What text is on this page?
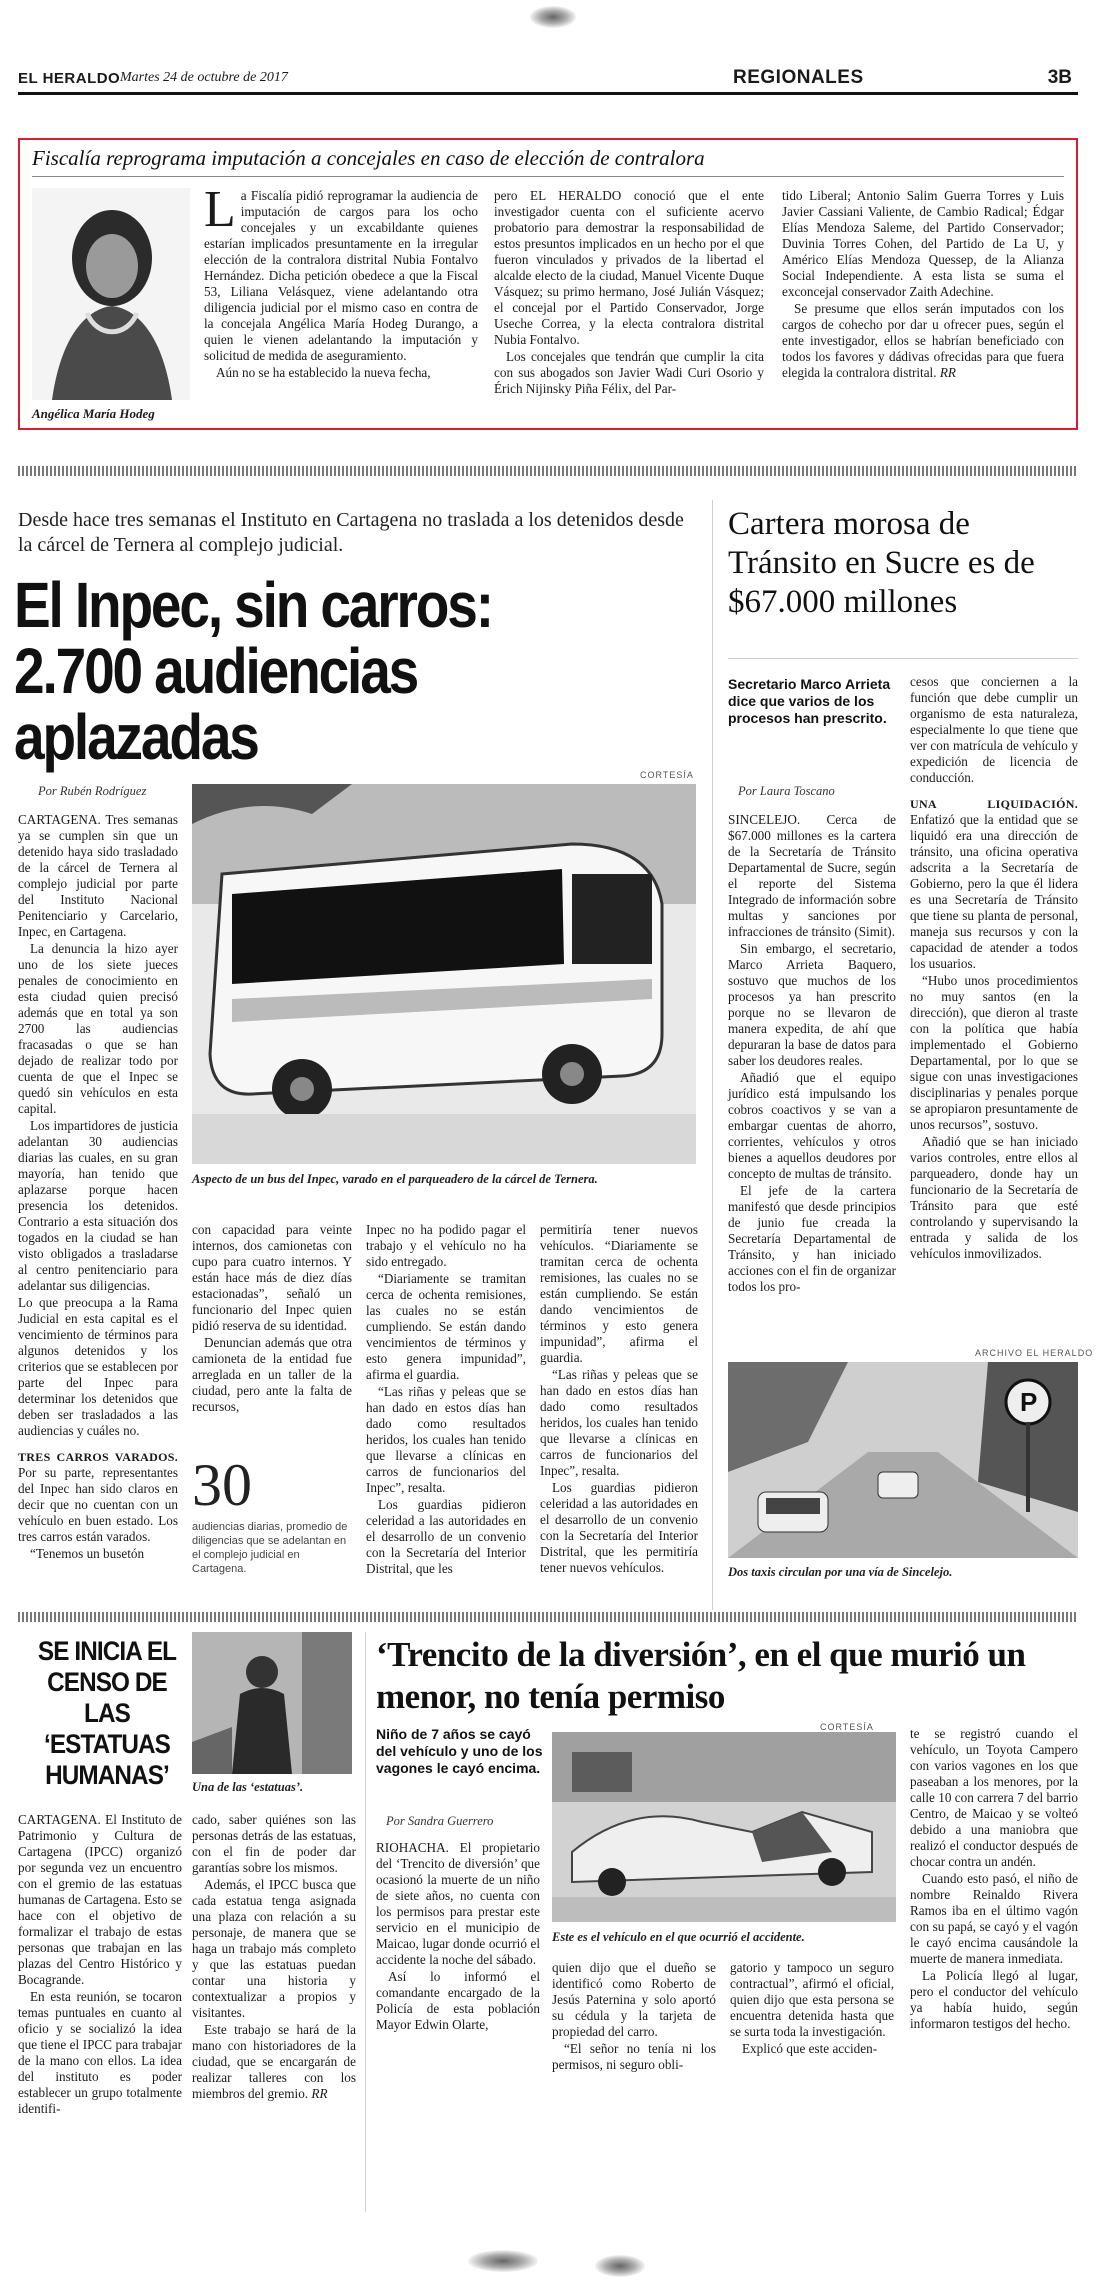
EL HERALDO Martes 24 de octubre de 2017	REGIONALES	3B
Fiscalía reprograma imputación a concejales en caso de elección de contralora
Angélica María Hodeg

La Fiscalía pidió reprogramar la audiencia de imputación de cargos para los ocho concejales y un excabildante quienes estarían implicados presuntamente en la irregular elección de la contralora distrital Nubia Fontalvo Hernández. Dicha petición obedece a que la Fiscal 53, Liliana Velásquez, viene adelantando otra diligencia judicial por el mismo caso en contra de la concejala Angélica María Hodeg Durango, a quien le vienen adelantando la imputación y solicitud de medida de aseguramiento.

Aún no se ha establecido la nueva fecha,

pero EL HERALDO conoció que el ente investigador cuenta con el suficiente acervo probatorio para demostrar la responsabilidad de estos presuntos implicados en un hecho por el que fueron vinculados y privados de la libertad el alcalde electo de la ciudad, Manuel Vicente Duque Vásquez; su primo hermano, José Julián Vásquez; el concejal por el Partido Conservador, Jorge Useche Correa, y la electa contralora distrital Nubia Fontalvo.

Los concejales que tendrán que cumplir la cita con sus abogados son Javier Wadi Curi Osorio y Érich Nijinsky Piña Félix, del Par-

tido Liberal; Antonio Salim Guerra Torres y Luis Javier Cassiani Valiente, de Cambio Radical; Édgar Elías Mendoza Saleme, del Partido Conservador; Duvinia Torres Cohen, del Partido de La U, y Américo Elías Mendoza Quessep, de la Alianza Social Independiente. A esta lista se suma el exconcejal conservador Zaith Adechine.

Se presume que ellos serán imputados con los cargos de cohecho por dar u ofrecer pues, según el ente investigador, ellos se habrían beneficiado con todos los favores y dádivas ofrecidas para que fuera elegida la contralora distrital. RR

Desde hace tres semanas el Instituto en Cartagena no traslada a los detenidos desde la cárcel de Ternera al complejo judicial.
El Inpec, sin carros: 2.700 audiencias aplazadas
CORTESÍA
Por Rubén Rodríguez
Aspecto de un bus del Inpec, varado en el parqueadero de la cárcel de Ternera.

CARTAGENA. Tres semanas ya se cumplen sin que un detenido haya sido trasladado de la cárcel de Ternera al complejo judicial por parte del Instituto Nacional Penitenciario y Carcelario, Inpec, en Cartagena.

La denuncia la hizo ayer uno de los siete jueces penales de conocimiento en esta ciudad quien precisó además que en total ya son 2700 las audiencias fracasadas o que se han dejado de realizar todo por cuenta de que el Inpec se quedó sin vehículos en esta capital.

Los impartidores de justicia adelantan 30 audiencias diarias las cuales, en su gran mayoría, han tenido que aplazarse porque hacen presencia los detenidos. Contrario a esta situación dos togados en la ciudad se han visto obligados a trasladarse al centro penitenciario para adelantar sus diligencias.

Lo que preocupa a la Rama Judicial en esta capital es el vencimiento de términos para algunos detenidos y los criterios que se establecen por parte del Inpec para determinar los detenidos que deben ser trasladados a las audiencias y cuáles no.

TRES CARROS VARADOS. Por su parte, representantes del Inpec han sido claros en decir que no cuentan con un vehículo en buen estado. Los tres carros están varados.

“Tenemos un busetón

con capacidad para veinte internos, dos camionetas con cupo para cuatro internos. Y están hace más de diez días estacionadas”, señaló un funcionario del Inpec quien pidió reserva de su identidad.

Denuncian además que otra camioneta de la entidad fue arreglada en un taller de la ciudad, pero ante la falta de recursos,

30
audiencias diarias, promedio de diligencias que se adelantan en el complejo judicial en Cartagena.

Inpec no ha podido pagar el trabajo y el vehículo no ha sido entregado.

“Diariamente se tramitan cerca de ochenta remisiones, las cuales no se están cumpliendo. Se están dando vencimientos de términos y esto genera impunidad”, afirma el guardia.

“Las riñas y peleas que se han dado en estos días han dado como resultados heridos, los cuales han tenido que llevarse a clínicas en carros de funcionarios del Inpec”, resalta.

Los guardias pidieron celeridad a las autoridades en el desarrollo de un convenio con la Secretaría del Interior Distrital, que les

permitiría tener nuevos vehículos. “Diariamente se tramitan cerca de ochenta remisiones, las cuales no se están cumpliendo. Se están dando vencimientos de términos y esto genera impunidad”, afirma el guardia.

“Las riñas y peleas que se han dado en estos días han dado como resultados heridos, los cuales han tenido que llevarse a clínicas en carros de funcionarios del Inpec”, resalta.

Los guardias pidieron celeridad a las autoridades en el desarrollo de un convenio con la Secretaría del Interior Distrital, que les permitiría tener nuevos vehículos.

Cartera morosa de Tránsito en Sucre es de $67.000 millones
Secretario Marco Arrieta dice que varios de los procesos han prescrito.
Por Laura Toscano

SINCELEJO. Cerca de $67.000 millones es la cartera de la Secretaría de Tránsito Departamental de Sucre, según el reporte del Sistema Integrado de información sobre multas y sanciones por infracciones de tránsito (Simit).

Sin embargo, el secretario, Marco Arrieta Baquero, sostuvo que muchos de los procesos ya han prescrito porque no se llevaron de manera expedita, de ahí que depuraran la base de datos para saber los deudores reales.

Añadió que el equipo jurídico está impulsando los cobros coactivos y se van a embargar cuentas de ahorro, corrientes, vehículos y otros bienes a aquellos deudores por concepto de multas de tránsito.

El jefe de la cartera manifestó que desde principios de junio fue creada la Secretaría Departamental de Tránsito, y han iniciado acciones con el fin de organizar todos los pro-

cesos que conciernen a la función que debe cumplir un organismo de esta naturaleza, especialmente lo que tiene que ver con matrícula de vehículo y expedición de licencia de conducción.

UNA LIQUIDACIÓN. Enfatizó que la entidad que se liquidó era una dirección de tránsito, una oficina operativa adscrita a la Secretaría de Gobierno, pero la que él lidera es una Secretaría de Tránsito que tiene su planta de personal, maneja sus recursos y con la capacidad de atender a todos los usuarios.

“Hubo unos procedimientos no muy santos (en la dirección), que dieron al traste con la política que había implementado el Gobierno Departamental, por lo que se sigue con unas investigaciones disciplinarias y penales porque se apropiaron presuntamente de unos recursos”, sostuvo.

Añadió que se han iniciado varios controles, entre ellos al parqueadero, donde hay un funcionario de la Secretaría de Tránsito para que esté controlando y supervisando la entrada y salida de los vehículos inmovilizados.

ARCHIVO EL HERALDO
P
Dos taxis circulan por una vía de Sincelejo.
SE INICIA EL CENSO DE LAS ‘ESTATUAS HUMANAS’	Una de las ‘estatuas’.

CARTAGENA. El Instituto de Patrimonio y Cultura de Cartagena (IPCC) organizó por segunda vez un encuentro con el gremio de las estatuas humanas de Cartagena. Esto se hace con el objetivo de formalizar el trabajo de estas personas que trabajan en las plazas del Centro Histórico y Bocagrande.

En esta reunión, se tocaron temas puntuales en cuanto al oficio y se socializó la idea que tiene el IPCC para trabajar de la mano con ellos. La idea del instituto es poder establecer un grupo totalmente identifi-

cado, saber quiénes son las personas detrás de las estatuas, con el fin de poder dar garantías sobre los mismos.

Además, el IPCC busca que cada estatua tenga asignada una plaza con relación a su personaje, de manera que se haga un trabajo más completo y que las estatuas puedan contar una historia y contextualizar a propios y visitantes.

Este trabajo se hará de la mano con historiadores de la ciudad, que se encargarán de realizar talleres con los miembros del gremio. RR

‘Trencito de la diversión’, en el que murió un menor, no tenía permiso
Niño de 7 años se cayó del vehículo y uno de los vagones le cayó encima.
CORTESÍA
Por Sandra Guerrero
Este es el vehículo en el que ocurrió el accidente.

RIOHACHA. El propietario del ‘Trencito de diversión’ que ocasionó la muerte de un niño de siete años, no cuenta con los permisos para prestar este servicio en el municipio de Maicao, lugar donde ocurrió el accidente la noche del sábado.

Así lo informó el comandante encargado de la Policía de esta población Mayor Edwin Olarte,

quien dijo que el dueño se identificó como Roberto de Jesús Paternina y solo aportó su cédula y la tarjeta de propiedad del carro.

“El señor no tenía ni los permisos, ni seguro obli-

gatorio y tampoco un seguro contractual”, afirmó el oficial, quien dijo que esta persona se encuentra detenida hasta que se surta toda la investigación.

Explicó que este acciden-

te se registró cuando el vehículo, un Toyota Campero con varios vagones en los que paseaban a los menores, por la calle 10 con carrera 7 del barrio Centro, de Maicao y se volteó debido a una maniobra que realizó el conductor después de chocar contra un andén.

Cuando esto pasó, el niño de nombre Reinaldo Rivera Ramos iba en el último vagón con su papá, se cayó y el vagón le cayó encima causándole la muerte de manera inmediata.

La Policía llegó al lugar, pero el conductor del vehículo ya había huido, según informaron testigos del hecho.
